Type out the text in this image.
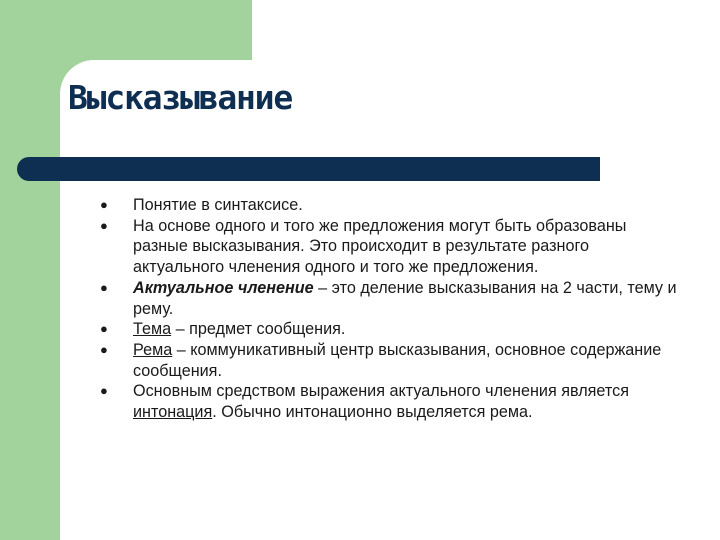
Высказывание
● Понятие в синтаксисе.
● На основе одного и того же предложения могут быть образованы разные высказывания. Это происходит в результате разного актуального членения одного и того же предложения.
● Актуальное членение – это деление высказывания на 2 части, тему и рему.
● Тема – предмет сообщения.
● Рема – коммуникативный центр высказывания, основное содержание сообщения.
● Основным средством выражения актуального членения является интонация. Обычно интонационно выделяется рема.
